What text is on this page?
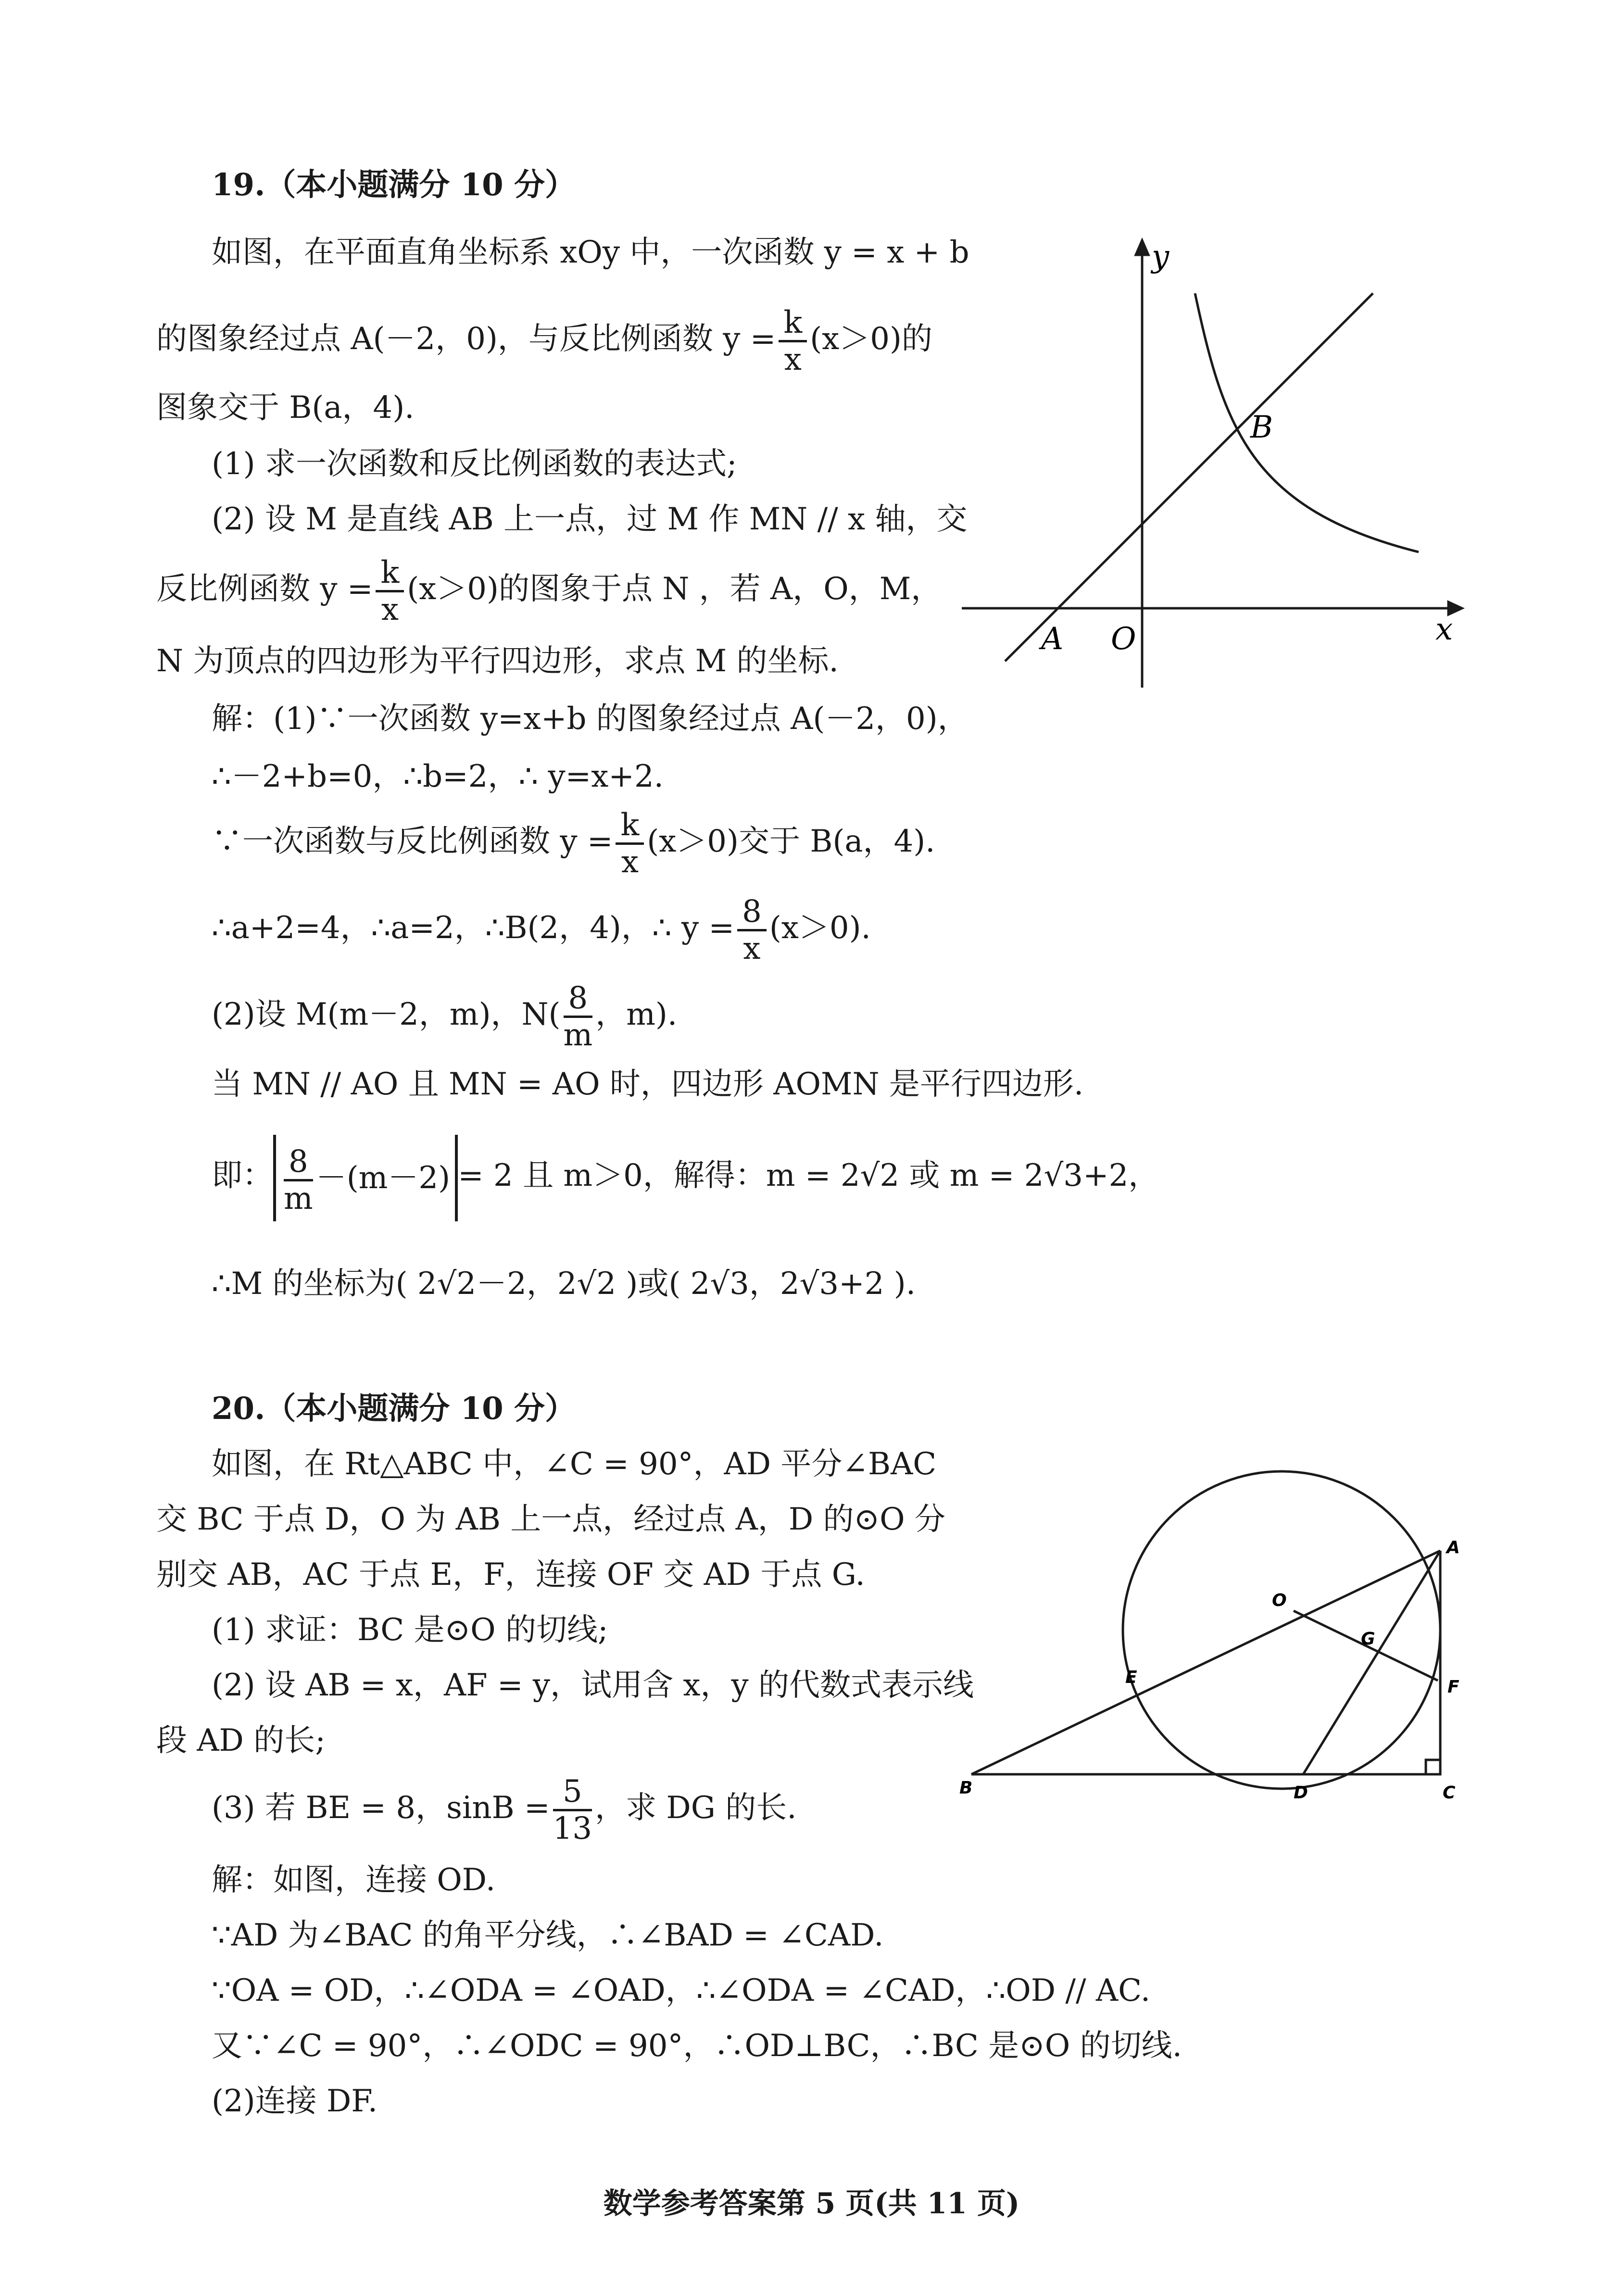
19.（本小题满分 10 分）
如图，在平面直角坐标系 xOy 中，一次函数 y = x + b
的图象经过点 A(－2，0)，与反比例函数 $y = \frac{k}{x} (x>0)$的
图象交于 B(a，4).
(1) 求一次函数和反比例函数的表达式;
(2) 设 M 是直线 AB 上一点，过 M 作 MN // x 轴，交
反比例函数 $y = \frac{k}{x} (x>0)$的图象于点 N ，若 A，O，M，
N 为顶点的四边形为平行四边形，求点 M 的坐标.
解：(1)∵一次函数 y=x+b 的图象经过点 A(－2，0)，
∴－2+b=0，∴b=2，∴ y=x+2.
∵一次函数与反比例函数 $y = \frac{k}{x} (x>0)$交于 B(a，4).
∴a+2=4，∴a=2，∴B(2，4)，∴ $y = \frac{8}{x} (x>0)$.
(2)设 M(m－2，m)，$N( \frac{8}{m}$ ，m).
当 MN // AO 且 MN = AO 时，四边形 AOMN 是平行四边形.
即： $\frac{8}{m} -(m-2) = 2$ 且 m＞0，解得：m = 2√2 或 m = 2√3+2，
∴M 的坐标为( 2√2－2，2√2 )或( 2√3，2√3+2 ).
y
x
A O
B
20.（本小题满分 10 分）
如图，在 Rt△ABC 中，∠C = 90°，AD 平分∠BAC
交 BC 于点 D，O 为 AB 上一点，经过点 A，D 的⊙O 分
别交 AB，AC 于点 E，F，连接 OF 交 AD 于点 G.
(1) 求证：BC 是⊙O 的切线;
(2) 设 AB = x，AF = y，试用含 x，y 的代数式表示线
段 AD 的长;
(3) 若 BE = 8，$\sin B = \frac{5}{13}$ ，求 DG 的长.
解：如图，连接 OD.
∵AD 为∠BAC 的角平分线，∴∠BAD = ∠CAD.
∵OA = OD，∴∠ODA = ∠OAD，∴∠ODA = ∠CAD，∴OD // AC.
又∵∠C = 90°，∴∠ODC = 90°，∴OD⊥BC，∴BC 是⊙O 的切线.
(2)连接 DF.
A
O
G
E	F
B	D	C
数学参考答案第 5 页(共 11 页)
